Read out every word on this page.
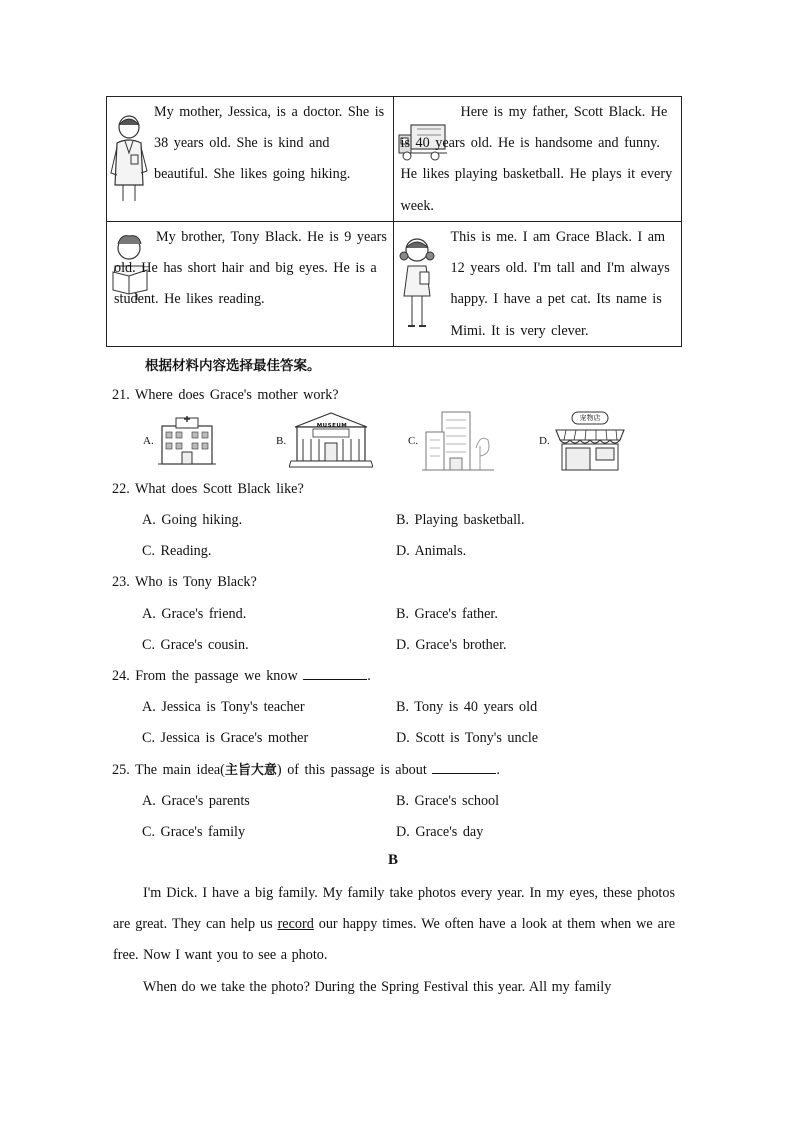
My mother, Jessica, is a doctor. She is 38 years old. She is kind and beautiful. She likes going hiking.	Here is my father, Scott Black. He is 40 years old. He is handsome and funny. He likes playing basketball. He plays it every week.

My brother, Tony Black. He is 9 years old. He has short hair and big eyes. He is a student. He likes reading.	This is me. I am Grace Black. I am 12 years old. I'm tall and I'm always happy. I have a pet cat. Its name is Mimi. It is very clever.
根据材料内容选择最佳答案。
21. Where does Grace's mother work?
A.	B.
MUSEUM
C.	D.
宠物店
22. What does Scott Black like?
A. Going hiking.	B. Playing basketball.
C. Reading.	D. Animals.
23. Who is Tony Black?
A. Grace's friend.	B. Grace's father.
C. Grace's cousin.	D. Grace's brother.
24. From the passage we know	.
A. Jessica is Tony's teacher	B. Tony is 40 years old
C. Jessica is Grace's mother	D. Scott is Tony's uncle
25. The main idea(主旨大意) of this passage is about	.
A. Grace's parents	B. Grace's school
C. Grace's family	D. Grace's day
B
I'm Dick. I have a big family. My family take photos every year. In my eyes, these photos are great. They can help us record our happy times. We often have a look at them when we are free. Now I want you to see a photo.
When do we take the photo? During the Spring Festival this year. All my family
